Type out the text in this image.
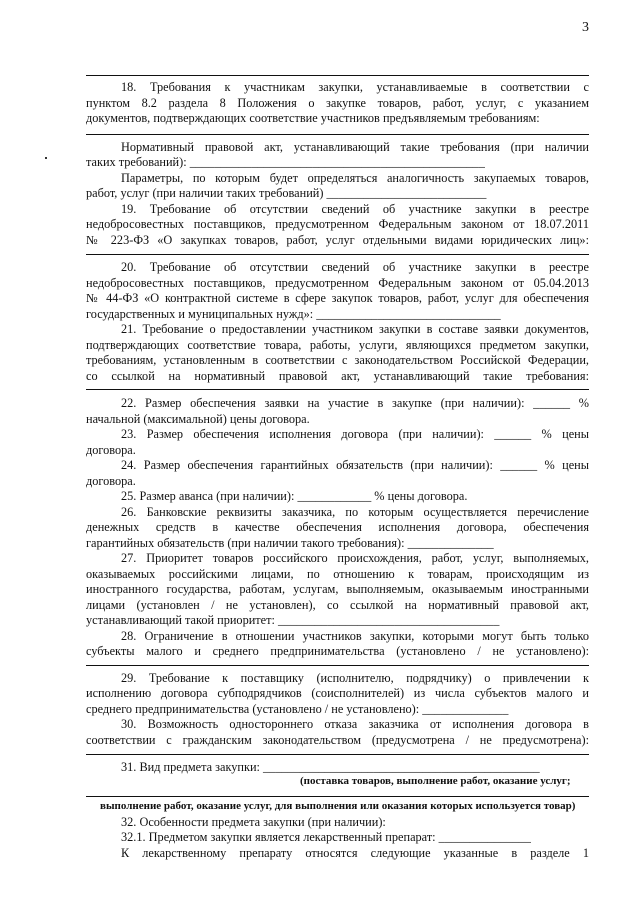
3
18. Требования к участникам закупки, устанавливаемые в соответствии с
пунктом 8.2 раздела 8 Положения о закупке товаров, работ, услуг, с указанием
документов, подтверждающих соответствие участников предъявляемым требованиям:
Нормативный правовой акт, устанавливающий такие требования (при наличии
таких требований): ________________________________________________
Параметры, по которым будет определяться аналогичность закупаемых товаров,
работ, услуг (при наличии таких требований) __________________________
19. Требование об отсутствии сведений об участнике закупки в реестре
недобросовестных поставщиков, предусмотренном Федеральным законом от 18.07.2011
№ 223-ФЗ «О закупках товаров, работ, услуг отдельными видами юридических лиц»:
20. Требование об отсутствии сведений об участнике закупки в реестре
недобросовестных поставщиков, предусмотренном Федеральным законом от 05.04.2013
№ 44-ФЗ «О контрактной системе в сфере закупок товаров, работ, услуг для обеспечения
государственных и муниципальных нужд»: ______________________________
21. Требование о предоставлении участником закупки в составе заявки документов,
подтверждающих соответствие товара, работы, услуги, являющихся предметом закупки,
требованиям, установленным в соответствии с законодательством Российской Федерации,
со ссылкой на нормативный правовой акт, устанавливающий такие требования:
22. Размер обеспечения заявки на участие в закупке (при наличии): ______ %
начальной (максимальной) цены договора.
23. Размер обеспечения исполнения договора (при наличии): ______ % цены
договора.
24. Размер обеспечения гарантийных обязательств (при наличии): ______ % цены
договора.
25. Размер аванса (при наличии): ____________ % цены договора.
26. Банковские реквизиты заказчика, по которым осуществляется перечисление
денежных средств в качестве обеспечения исполнения договора, обеспечения
гарантийных обязательств (при наличии такого требования): ______________
27. Приоритет товаров российского происхождения, работ, услуг, выполняемых,
оказываемых российскими лицами, по отношению к товарам, происходящим из
иностранного государства, работам, услугам, выполняемым, оказываемым иностранными
лицами (установлен / не установлен), со ссылкой на нормативный правовой акт,
устанавливающий такой приоритет: ____________________________________
28. Ограничение в отношении участников закупки, которыми могут быть только
субъекты малого и среднего предпринимательства (установлено / не установлено):
29. Требование к поставщику (исполнителю, подрядчику) о привлечении к
исполнению договора субподрядчиков (соисполнителей) из числа субъектов малого и
среднего предпринимательства (установлено / не установлено): ______________
30. Возможность одностороннего отказа заказчика от исполнения договора в
соответствии с гражданским законодательством (предусмотрена / не предусмотрена):
31. Вид предмета закупки: _____________________________________________
(поставка товаров, выполнение работ, оказание услуг;
выполнение работ, оказание услуг, для выполнения или оказания которых используется товар)
32. Особенности предмета закупки (при наличии):
32.1. Предметом закупки является лекарственный препарат: _______________
К лекарственному препарату относятся следующие указанные в разделе 1
